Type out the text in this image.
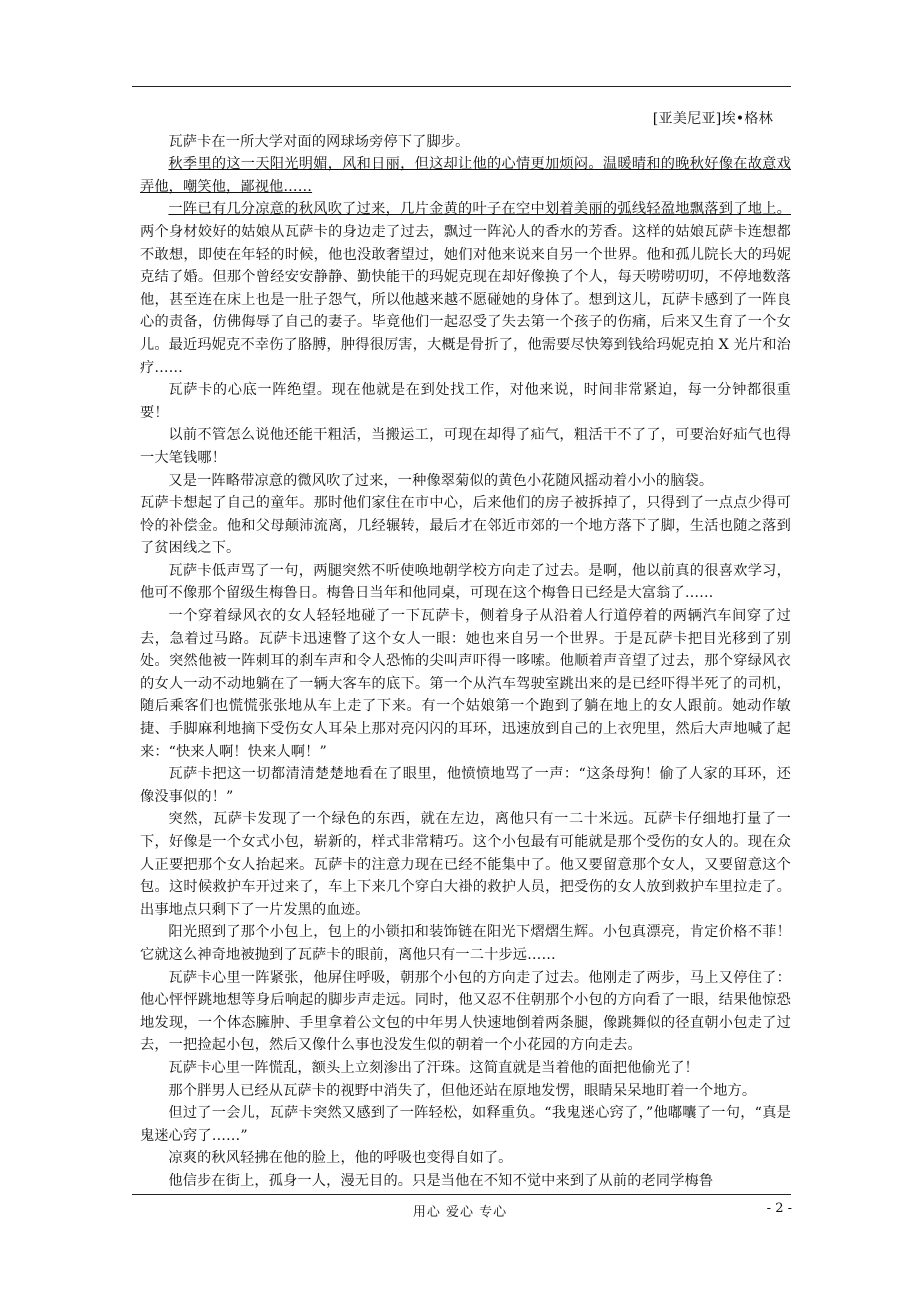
[亚美尼亚]埃•格林

瓦萨卡在一所大学对面的网球场旁停下了脚步。

秋季里的这一天阳光明媚，风和日丽，但这却让他的心情更加烦闷。温暖晴和的晚秋好像在故意戏弄他，嘲笑他，鄙视他……

一阵已有几分凉意的秋风吹了过来，几片金黄的叶子在空中划着美丽的弧线轻盈地飘落到了地上。两个身材姣好的姑娘从瓦萨卡的身边走了过去，飘过一阵沁人的香水的芳香。这样的姑娘瓦萨卡连想都不敢想，即使在年轻的时候，他也没敢奢望过，她们对他来说来自另一个世界。他和孤儿院长大的玛妮克结了婚。但那个曾经安安静静、勤快能干的玛妮克现在却好像换了个人，每天唠唠叨叨，不停地数落他，甚至连在床上也是一肚子怨气，所以他越来越不愿碰她的身体了。想到这儿，瓦萨卡感到了一阵良心的责备，仿佛侮辱了自己的妻子。毕竟他们一起忍受了失去第一个孩子的伤痛，后来又生育了一个女儿。最近玛妮克不幸伤了胳膊，肿得很厉害，大概是骨折了，他需要尽快筹到钱给玛妮克拍 X 光片和治疗……

瓦萨卡的心底一阵绝望。现在他就是在到处找工作，对他来说，时间非常紧迫，每一分钟都很重要！

以前不管怎么说他还能干粗活，当搬运工，可现在却得了疝气，粗活干不了了，可要治好疝气也得一大笔钱哪！

又是一阵略带凉意的微风吹了过来，一种像翠菊似的黄色小花随风摇动着小小的脑袋。

瓦萨卡想起了自己的童年。那时他们家住在市中心，后来他们的房子被拆掉了，只得到了一点点少得可怜的补偿金。他和父母颠沛流离，几经辗转，最后才在邻近市郊的一个地方落下了脚，生活也随之落到了贫困线之下。

瓦萨卡低声骂了一句，两腿突然不听使唤地朝学校方向走了过去。是啊，他以前真的很喜欢学习，他可不像那个留级生梅鲁日。梅鲁日当年和他同桌，可现在这个梅鲁日已经是大富翁了……

一个穿着绿风衣的女人轻轻地碰了一下瓦萨卡，侧着身子从沿着人行道停着的两辆汽车间穿了过去，急着过马路。瓦萨卡迅速瞥了这个女人一眼：她也来自另一个世界。于是瓦萨卡把目光移到了别处。突然他被一阵刺耳的刹车声和令人恐怖的尖叫声吓得一哆嗦。他顺着声音望了过去，那个穿绿风衣的女人一动不动地躺在了一辆大客车的底下。第一个从汽车驾驶室跳出来的是已经吓得半死了的司机，随后乘客们也慌慌张张地从车上走了下来。有一个姑娘第一个跑到了躺在地上的女人跟前。她动作敏捷、手脚麻利地摘下受伤女人耳朵上那对亮闪闪的耳环，迅速放到自己的上衣兜里，然后大声地喊了起来：“快来人啊！快来人啊！”

瓦萨卡把这一切都清清楚楚地看在了眼里，他愤愤地骂了一声：“这条母狗！偷了人家的耳环，还像没事似的！”

突然，瓦萨卡发现了一个绿色的东西，就在左边，离他只有一二十米远。瓦萨卡仔细地打量了一下，好像是一个女式小包，崭新的，样式非常精巧。这个小包最有可能就是那个受伤的女人的。现在众人正要把那个女人抬起来。瓦萨卡的注意力现在已经不能集中了。他又要留意那个女人，又要留意这个包。这时候救护车开过来了，车上下来几个穿白大褂的救护人员，把受伤的女人放到救护车里拉走了。出事地点只剩下了一片发黑的血迹。

阳光照到了那个小包上，包上的小锁扣和装饰链在阳光下熠熠生辉。小包真漂亮，肯定价格不菲！它就这么神奇地被抛到了瓦萨卡的眼前，离他只有一二十步远……

瓦萨卡心里一阵紧张，他屏住呼吸，朝那个小包的方向走了过去。他刚走了两步，马上又停住了：他心怦怦跳地想等身后响起的脚步声走远。同时，他又忍不住朝那个小包的方向看了一眼，结果他惊恐地发现，一个体态臃肿、手里拿着公文包的中年男人快速地倒着两条腿，像跳舞似的径直朝小包走了过去，一把捡起小包，然后又像什么事也没发生似的朝着一个小花园的方向走去。

瓦萨卡心里一阵慌乱，额头上立刻渗出了汗珠。这简直就是当着他的面把他偷光了！

那个胖男人已经从瓦萨卡的视野中消失了，但他还站在原地发愣，眼睛呆呆地盯着一个地方。

但过了一会儿，瓦萨卡突然又感到了一阵轻松，如释重负。“我鬼迷心窍了，”他嘟囔了一句，“真是鬼迷心窍了……”

凉爽的秋风轻拂在他的脸上，他的呼吸也变得自如了。

他信步在街上，孤身一人，漫无目的。只是当他在不知不觉中来到了从前的老同学梅鲁

用心 爱心 专心	- 2 -
